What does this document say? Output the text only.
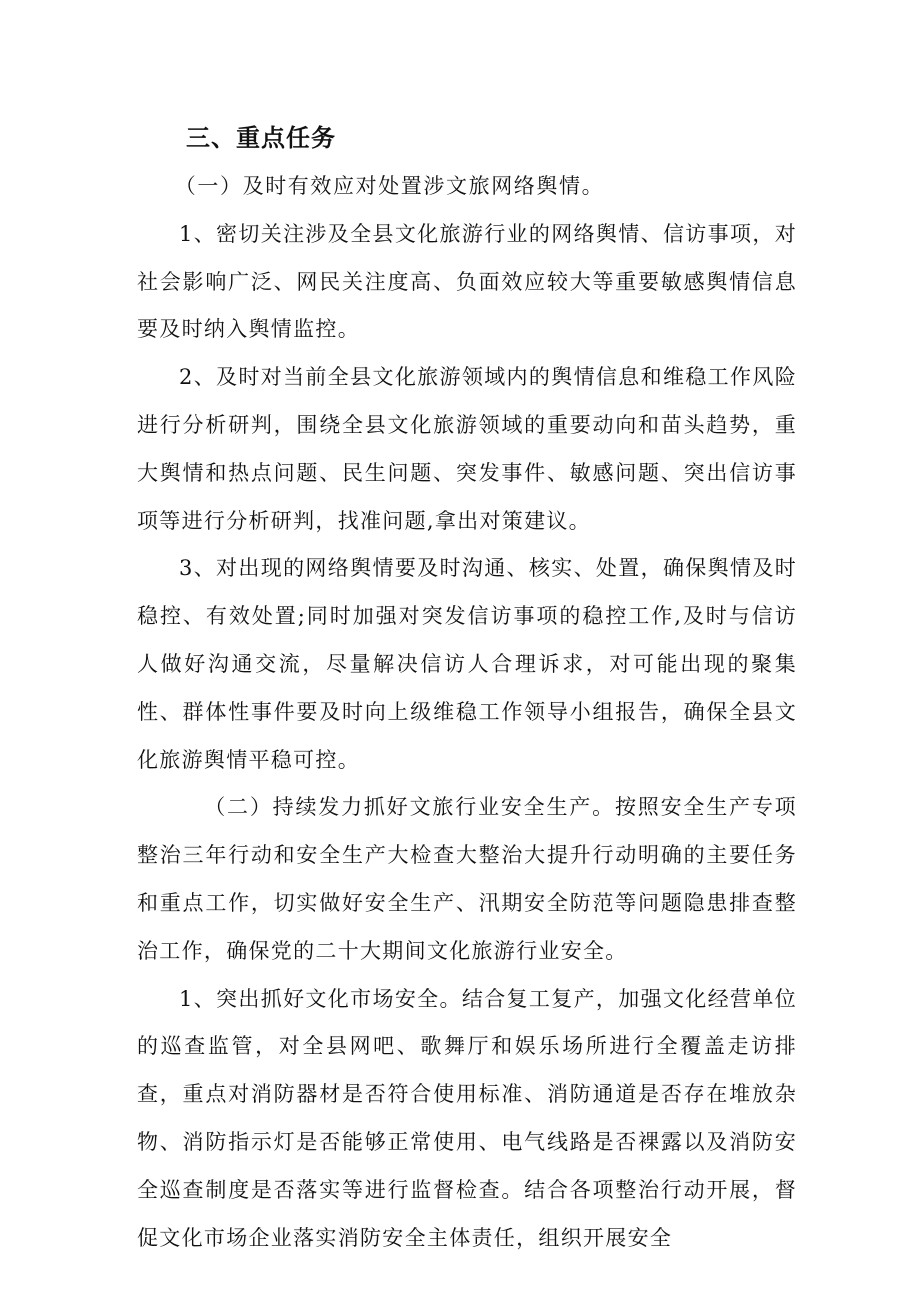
三、重点任务

（一）及时有效应对处置涉文旅网络舆情。

1、密切关注涉及全县文化旅游行业的网络舆情、信访事项，对社会影响广泛、网民关注度高、负面效应较大等重要敏感舆情信息要及时纳入舆情监控。

2、及时对当前全县文化旅游领域内的舆情信息和维稳工作风险进行分析研判，围绕全县文化旅游领域的重要动向和苗头趋势，重大舆情和热点问题、民生问题、突发事件、敏感问题、突出信访事项等进行分析研判，找准问题,拿出对策建议。

3、对出现的网络舆情要及时沟通、核实、处置，确保舆情及时稳控、有效处置;同时加强对突发信访事项的稳控工作,及时与信访人做好沟通交流，尽量解决信访人合理诉求，对可能出现的聚集性、群体性事件要及时向上级维稳工作领导小组报告，确保全县文化旅游舆情平稳可控。

（二）持续发力抓好文旅行业安全生产。按照安全生产专项整治三年行动和安全生产大检查大整治大提升行动明确的主要任务和重点工作，切实做好安全生产、汛期安全防范等问题隐患排查整治工作，确保党的二十大期间文化旅游行业安全。

1、突出抓好文化市场安全。结合复工复产，加强文化经营单位的巡查监管，对全县网吧、歌舞厅和娱乐场所进行全覆盖走访排查，重点对消防器材是否符合使用标准、消防通道是否存在堆放杂物、消防指示灯是否能够正常使用、电气线路是否裸露以及消防安全巡查制度是否落实等进行监督检查。结合各项整治行动开展，督促文化市场企业落实消防安全主体责任，组织开展安全
